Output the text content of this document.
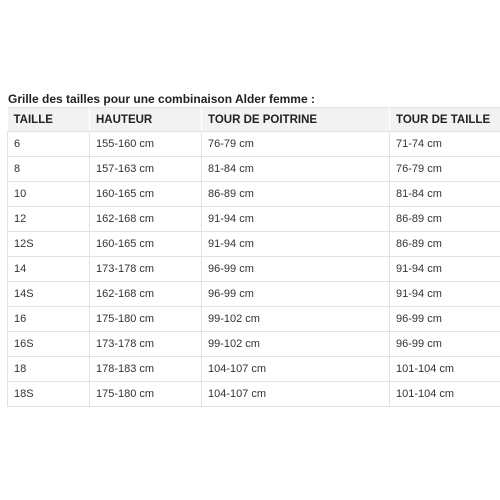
Grille des tailles pour une combinaison Alder femme :
TAILLE	HAUTEUR	TOUR DE POITRINE	TOUR DE TAILLE
6	155-160 cm	76-79 cm	71-74 cm
8	157-163 cm	81-84 cm	76-79 cm
10	160-165 cm	86-89 cm	81-84 cm
12	162-168 cm	91-94 cm	86-89 cm
12S	160-165 cm	91-94 cm	86-89 cm
14	173-178 cm	96-99 cm	91-94 cm
14S	162-168 cm	96-99 cm	91-94 cm
16	175-180 cm	99-102 cm	96-99 cm
16S	173-178 cm	99-102 cm	96-99 cm
18	178-183 cm	104-107 cm	101-104 cm
18S	175-180 cm	104-107 cm	101-104 cm
